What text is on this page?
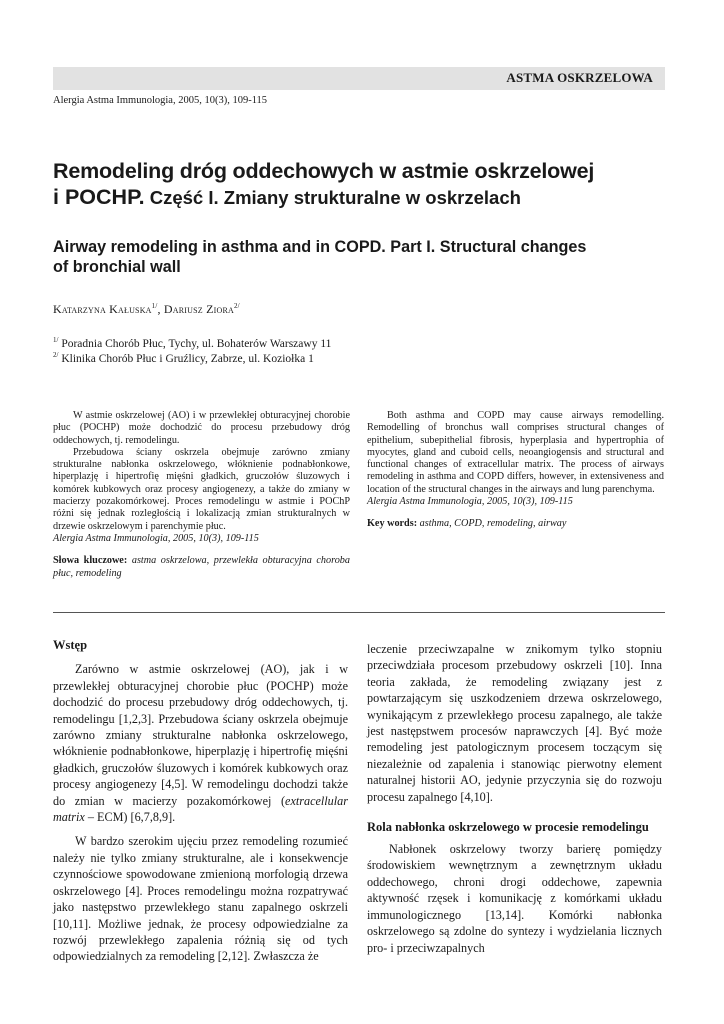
ASTMA OSKRZELOWA
Alergia Astma Immunologia, 2005, 10(3), 109-115
Remodeling dróg oddechowych w astmie oskrzelowej
i POCHP. Część I. Zmiany strukturalne w oskrzelach
Airway remodeling in asthma and in COPD. Part I. Structural changes
of bronchial wall
Katarzyna Kałuska$^{1/}$, Dariusz Ziora$^{2/}$
$^{1/}$ Poradnia Chorób Płuc, Tychy, ul. Bohaterów Warszawy 11
$^{2/}$ Klinika Chorób Płuc i Gruźlicy, Zabrze, ul. Koziołka 1

W astmie oskrzelowej (AO) i w przewlekłej obturacyjnej chorobie płuc (POCHP) może dochodzić do procesu przebudowy dróg oddechowych, tj. remodelingu.

Przebudowa ściany oskrzela obejmuje zarówno zmiany strukturalne nabłonka oskrzelowego, włóknienie podnabłonkowe, hiperplazję i hipertrofię mięśni gładkich, gruczołów śluzowych i komórek kubkowych oraz procesy angiogenezy, a także do zmiany w macierzy pozakomórkowej. Proces remodelingu w astmie i POChP różni się jednak rozległością i lokalizacją zmian strukturalnych w drzewie oskrzelowym i parenchymie płuc.

Alergia Astma Immunologia, 2005, 10(3), 109-115

Słowa kluczowe: astma oskrzelowa, przewlekła obturacyjna choroba płuc, remodeling

Both asthma and COPD may cause airways remodelling. Remodelling of bronchus wall comprises structural changes of epithelium, subepithelial fibrosis, hyperplasia and hypertrophia of myocytes, gland and cuboid cells, neoangiogensis and structural and functional changes of extracellular matrix. The process of airways remodeling in asthma and COPD differs, however, in extensiveness and location of the structural changes in the airways and lung parenchyma.

Alergia Astma Immunologia, 2005, 10(3), 109-115

Key words: asthma, COPD, remodeling, airway

Wstęp

Zarówno w astmie oskrzelowej (AO), jak i w przewlekłej obturacyjnej chorobie płuc (POCHP) może dochodzić do procesu przebudowy dróg oddechowych, tj. remodelingu [1,2,3]. Przebudowa ściany oskrzela obejmuje zarówno zmiany strukturalne nabłonka oskrzelowego, włóknienie podnabłonkowe, hiperplazję i hipertrofię mięśni gładkich, gruczołów śluzowych i komórek kubkowych oraz procesy angiogenezy [4,5]. W remodelingu dochodzi także do zmian w macierzy pozakomórkowej (extracellular matrix – ECM) [6,7,8,9].

W bardzo szerokim ujęciu przez remodeling rozumieć należy nie tylko zmiany strukturalne, ale i konsekwencje czynnościowe spowodowane zmienioną morfologią drzewa oskrzelowego [4]. Proces remodelingu można rozpatrywać jako następstwo przewlekłego stanu zapalnego oskrzeli [10,11]. Możliwe jednak, że procesy odpowiedzialne za rozwój przewlekłego zapalenia różnią się od tych odpowiedzialnych za remodeling [2,12]. Zwłaszcza że

leczenie przeciwzapalne w znikomym tylko stopniu przeciwdziała procesom przebudowy oskrzeli [10]. Inna teoria zakłada, że remodeling związany jest z powtarzającym się uszkodzeniem drzewa oskrzelowego, wynikającym z przewlekłego procesu zapalnego, ale także jest następstwem procesów naprawczych [4]. Być może remodeling jest patologicznym procesem toczącym się niezależnie od zapalenia i stanowiąc pierwotny element naturalnej historii AO, jedynie przyczynia się do rozwoju procesu zapalnego [4,10].

Rola nabłonka oskrzelowego w procesie remodelingu

Nabłonek oskrzelowy tworzy barierę pomiędzy środowiskiem wewnętrznym a zewnętrznym układu oddechowego, chroni drogi oddechowe, zapewnia aktywność rzęsek i komunikację z komórkami układu immunologicznego [13,14]. Komórki nabłonka oskrzelowego są zdolne do syntezy i wydzielania licznych pro- i przeciwzapalnych
